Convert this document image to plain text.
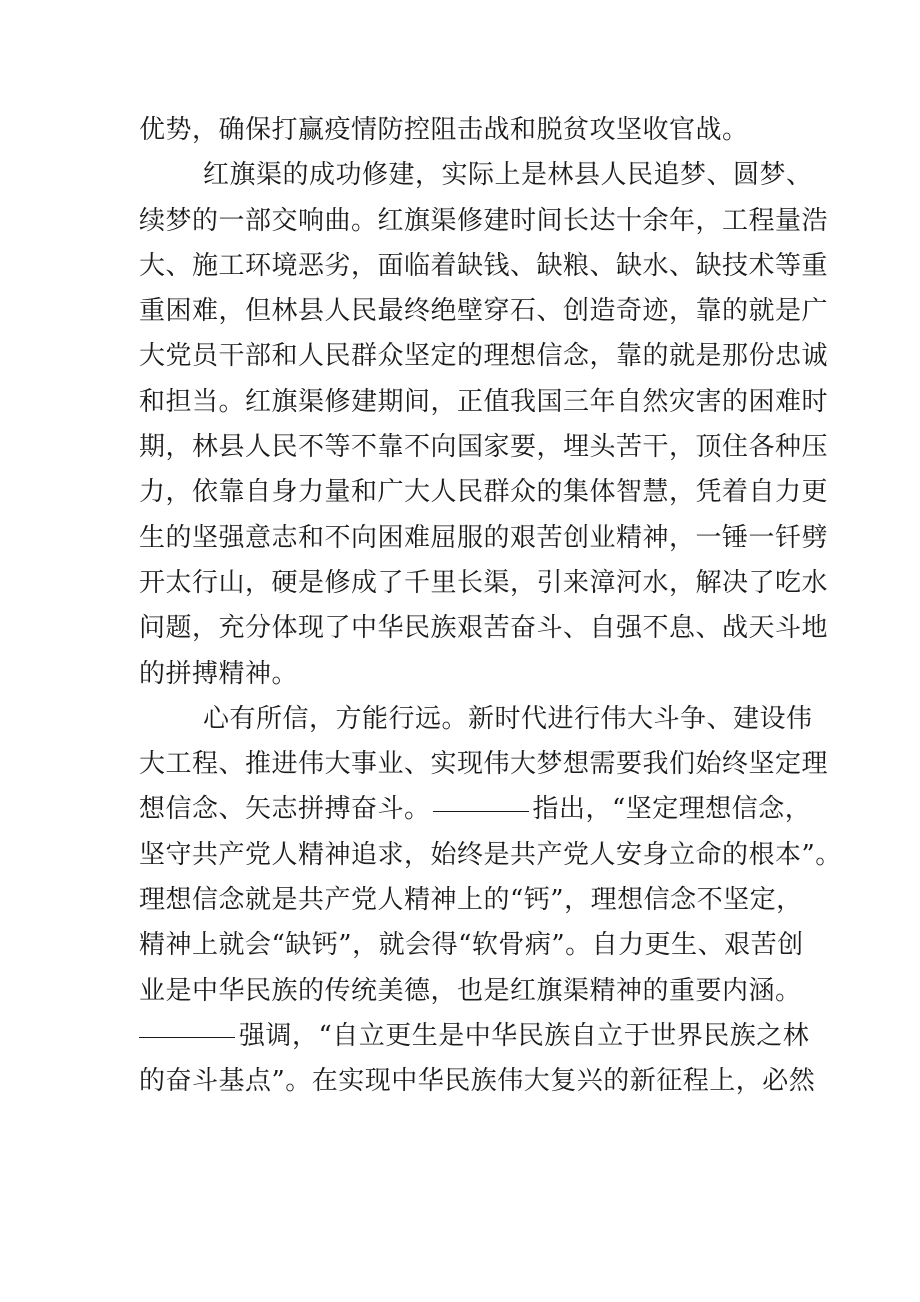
优势，确保打赢疫情防控阻击战和脱贫攻坚收官战。
红旗渠的成功修建，实际上是林县人民追梦、圆梦、
续梦的一部交响曲。红旗渠修建时间长达十余年，工程量浩
大、施工环境恶劣，面临着缺钱、缺粮、缺水、缺技术等重
重困难，但林县人民最终绝壁穿石、创造奇迹，靠的就是广
大党员干部和人民群众坚定的理想信念，靠的就是那份忠诚
和担当。红旗渠修建期间，正值我国三年自然灾害的困难时
期，林县人民不等不靠不向国家要，埋头苦干，顶住各种压
力，依靠自身力量和广大人民群众的集体智慧，凭着自力更
生的坚强意志和不向困难屈服的艰苦创业精神，一锤一钎劈
开太行山，硬是修成了千里长渠，引来漳河水，解决了吃水
问题，充分体现了中华民族艰苦奋斗、自强不息、战天斗地
的拼搏精神。
心有所信，方能行远。新时代进行伟大斗争、建设伟
大工程、推进伟大事业、实现伟大梦想需要我们始终坚定理
想信念、矢志拼搏奋斗。	指出，“坚定理想信念，
坚守共产党人精神追求，始终是共产党人安身立命的根本”。
理想信念就是共产党人精神上的“钙”，理想信念不坚定，
精神上就会“缺钙”，就会得“软骨病”。自力更生、艰苦创
业是中华民族的传统美德，也是红旗渠精神的重要内涵。
强调，“自立更生是中华民族自立于世界民族之林
的奋斗基点”。在实现中华民族伟大复兴的新征程上，必然
